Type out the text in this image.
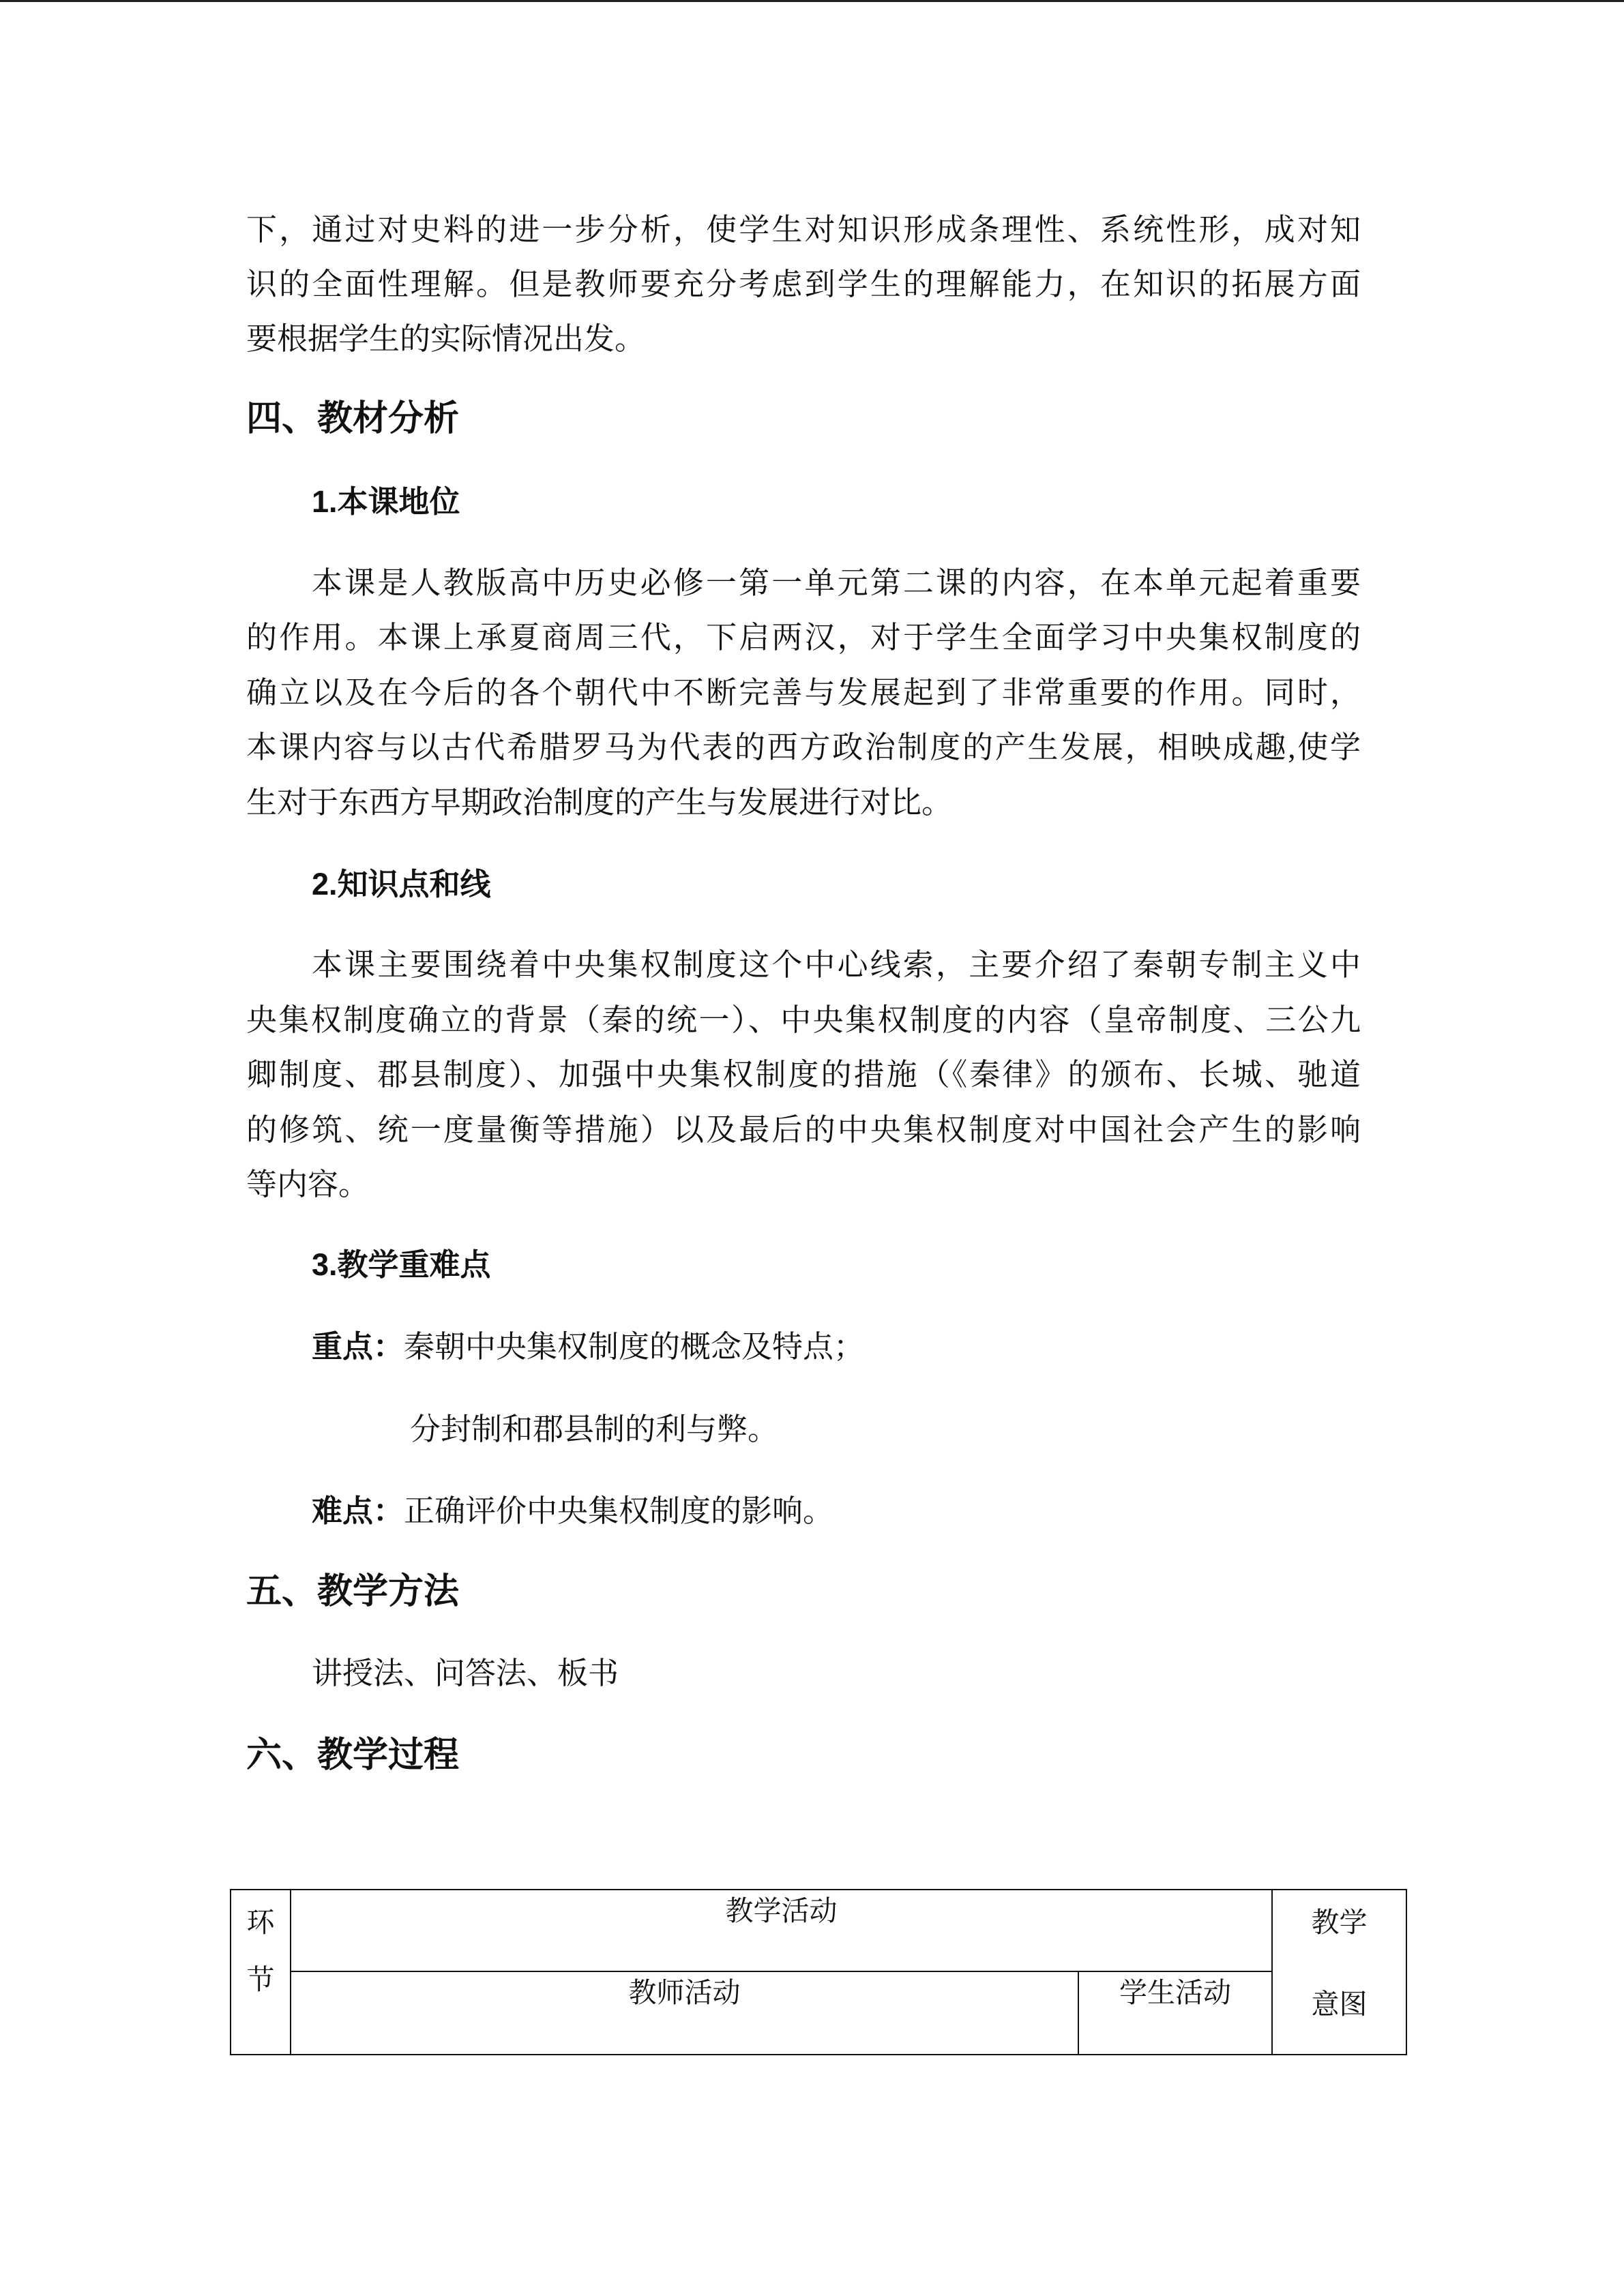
下，通过对史料的进一步分析，使学生对知识形成条理性、系统性形，成对知
识的全面性理解。但是教师要充分考虑到学生的理解能力，在知识的拓展方面
要根据学生的实际情况出发。
四、教材分析
1.本课地位
本课是人教版高中历史必修一第一单元第二课的内容，在本单元起着重要
的作用。本课上承夏商周三代，下启两汉，对于学生全面学习中央集权制度的
确立以及在今后的各个朝代中不断完善与发展起到了非常重要的作用。同时，
本课内容与以古代希腊罗马为代表的西方政治制度的产生发展，相映成趣,使学
生对于东西方早期政治制度的产生与发展进行对比。
2.知识点和线
本课主要围绕着中央集权制度这个中心线索，主要介绍了秦朝专制主义中
央集权制度确立的背景（秦的统一）、中央集权制度的内容（皇帝制度、三公九
卿制度、郡县制度）、加强中央集权制度的措施（《秦律》的颁布、长城、驰道
的修筑、统一度量衡等措施）以及最后的中央集权制度对中国社会产生的影响
等内容。
3.教学重难点
重点：秦朝中央集权制度的概念及特点；
分封制和郡县制的利与弊。
难点：正确评价中央集权制度的影响。
五、教学方法
讲授法、问答法、板书
六、教学过程
环节	教学活动		教学意图

	教师活动	学生活动	
